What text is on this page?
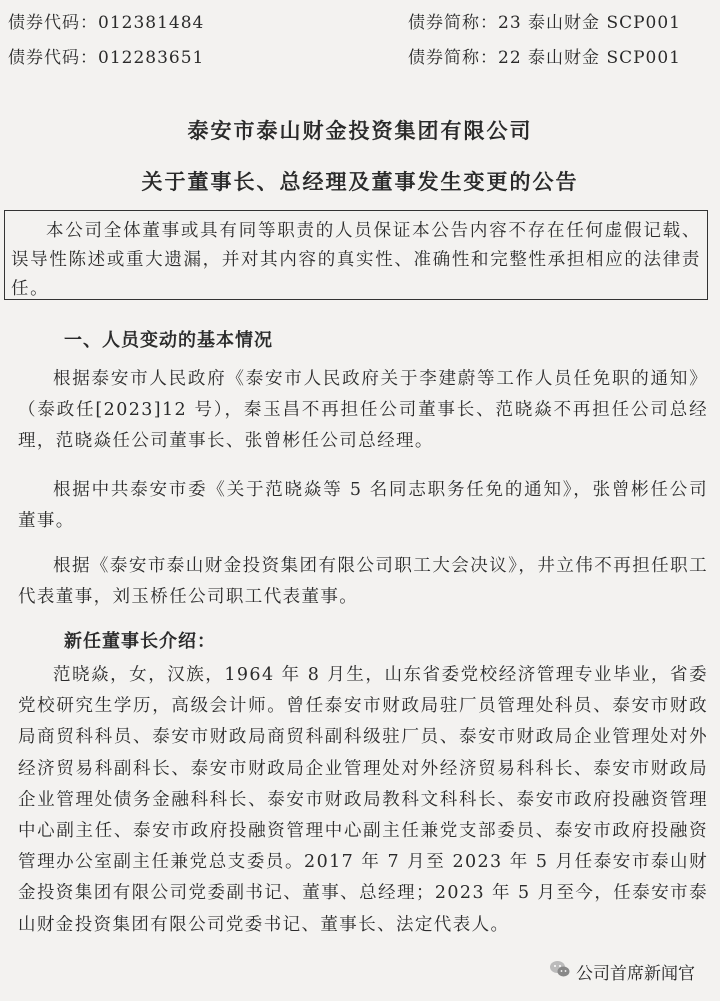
债券代码：012381484	债券简称：23 泰山财金 SCP001
债券代码：012283651	债券简称：22 泰山财金 SCP001
泰安市泰山财金投资集团有限公司
关于董事长、总经理及董事发生变更的公告

本公司全体董事或具有同等职责的人员保证本公告内容不存在任何虚假记载、误导性陈述或重大遗漏，并对其内容的真实性、准确性和完整性承担相应的法律责任。

一、人员变动的基本情况

根据泰安市人民政府《泰安市人民政府关于李建蔚等工作人员任免职的通知》（泰政任[2023]12 号），秦玉昌不再担任公司董事长、范晓焱不再担任公司总经理，范晓焱任公司董事长、张曾彬任公司总经理。

根据中共泰安市委《关于范晓焱等 5 名同志职务任免的通知》，张曾彬任公司董事。

根据《泰安市泰山财金投资集团有限公司职工大会决议》，井立伟不再担任职工代表董事，刘玉桥任公司职工代表董事。

新任董事长介绍：

范晓焱，女，汉族，1964 年 8 月生，山东省委党校经济管理专业毕业，省委党校研究生学历，高级会计师。曾任泰安市财政局驻厂员管理处科员、泰安市财政局商贸科科员、泰安市财政局商贸科副科级驻厂员、泰安市财政局企业管理处对外经济贸易科副科长、泰安市财政局企业管理处对外经济贸易科科长、泰安市财政局企业管理处债务金融科科长、泰安市财政局教科文科科长、泰安市政府投融资管理中心副主任、泰安市政府投融资管理中心副主任兼党支部委员、泰安市政府投融资管理办公室副主任兼党总支委员。2017 年 7 月至 2023 年 5 月任泰安市泰山财金投资集团有限公司党委副书记、董事、总经理；2023 年 5 月至今，任泰安市泰山财金投资集团有限公司党委书记、董事长、法定代表人。

公司首席新闻官
